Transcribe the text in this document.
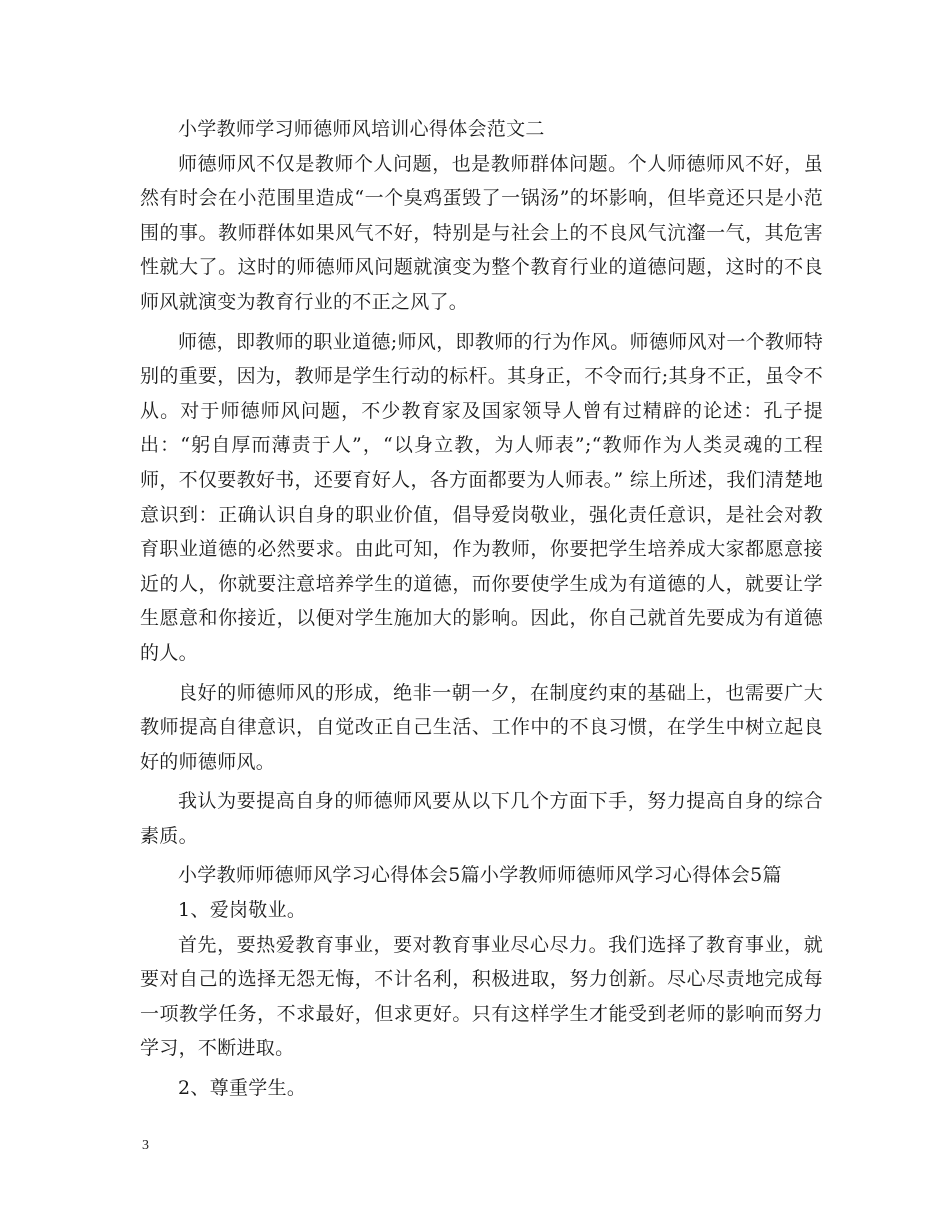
小学教师学习师德师风培训心得体会范文二

师德师风不仅是教师个人问题，也是教师群体问题。个人师德师风不好，虽然有时会在小范围里造成“一个臭鸡蛋毁了一锅汤”的坏影响，但毕竟还只是小范围的事。教师群体如果风气不好，特别是与社会上的不良风气沆瀣一气，其危害性就大了。这时的师德师风问题就演变为整个教育行业的道德问题，这时的不良师风就演变为教育行业的不正之风了。

师德，即教师的职业道德;师风，即教师的行为作风。师德师风对一个教师特别的重要，因为，教师是学生行动的标杆。其身正，不令而行;其身不正，虽令不从。对于师德师风问题，不少教育家及国家领导人曾有过精辟的论述：孔子提出：“躬自厚而薄责于人”，“以身立教，为人师表”;“教师作为人类灵魂的工程师，不仅要教好书，还要育好人，各方面都要为人师表。” 综上所述，我们清楚地意识到：正确认识自身的职业价值，倡导爱岗敬业，强化责任意识，是社会对教育职业道德的必然要求。由此可知，作为教师，你要把学生培养成大家都愿意接近的人，你就要注意培养学生的道德，而你要使学生成为有道德的人，就要让学生愿意和你接近，以便对学生施加大的影响。因此，你自己就首先要成为有道德的人。

良好的师德师风的形成，绝非一朝一夕，在制度约束的基础上，也需要广大教师提高自律意识，自觉改正自己生活、工作中的不良习惯，在学生中树立起良好的师德师风。

我认为要提高自身的师德师风要从以下几个方面下手，努力提高自身的综合素质。

小学教师师德师风学习心得体会5篇小学教师师德师风学习心得体会5篇

1、爱岗敬业。

首先，要热爱教育事业，要对教育事业尽心尽力。我们选择了教育事业，就要对自己的选择无怨无悔，不计名利，积极进取，努力创新。尽心尽责地完成每一项教学任务，不求最好，但求更好。只有这样学生才能受到老师的影响而努力学习，不断进取。

2、尊重学生。

3
